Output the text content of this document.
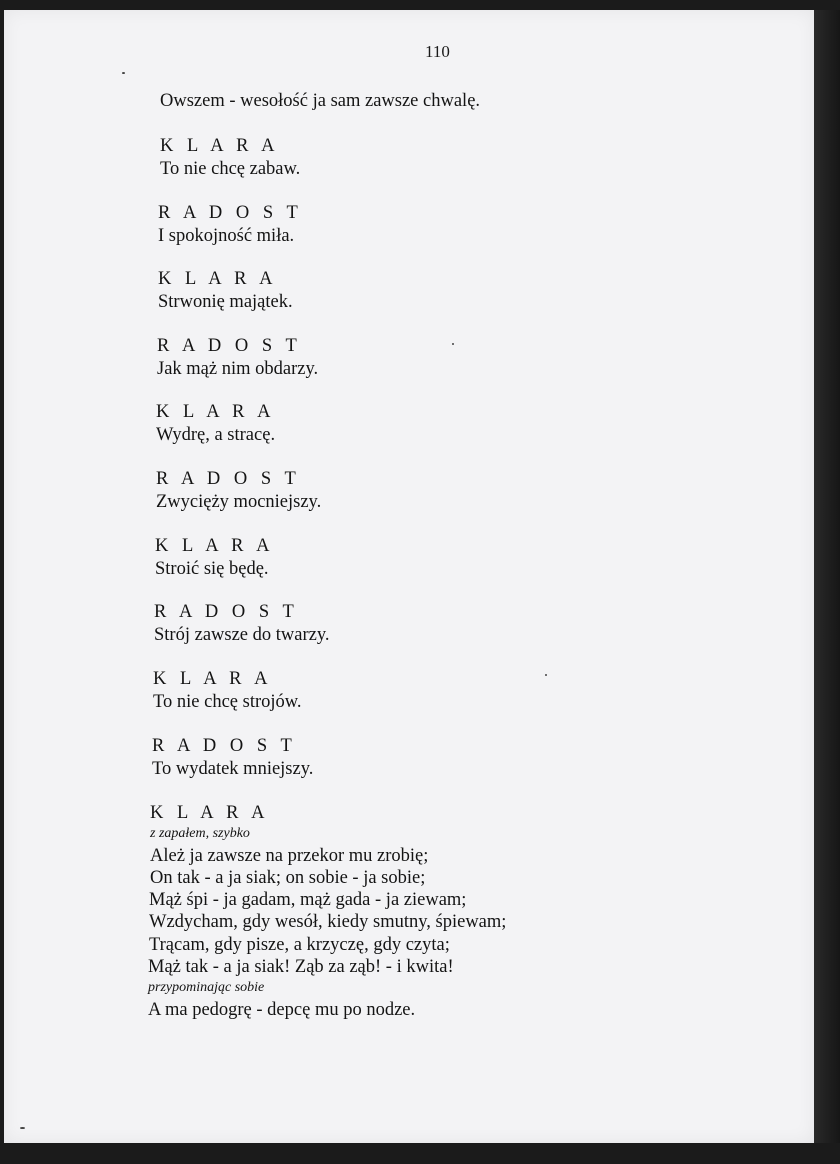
110
Owszem - wesołość ja sam zawsze chwalę.
K L A R A
To nie chcę zabaw.
R A D O S T
I spokojność miła.
K L A R A
Strwonię majątek.
R A D O S T
Jak mąż nim obdarzy.
K L A R A
Wydrę, a stracę.
R A D O S T
Zwycięży mocniejszy.
K L A R A
Stroić się będę.
R A D O S T
Strój zawsze do twarzy.
K L A R A
To nie chcę strojów.
R A D O S T
To wydatek mniejszy.
K L A R A
z zapałem, szybko
Ależ ja zawsze na przekor mu zrobię;
On tak - a ja siak; on sobie - ja sobie;
Mąż śpi - ja gadam, mąż gada - ja ziewam;
Wzdycham, gdy wesół, kiedy smutny, śpiewam;
Trącam, gdy pisze, a krzyczę, gdy czyta;
Mąż tak - a ja siak! Ząb za ząb! - i kwita!
przypominając sobie
A ma pedogrę - depcę mu po nodze.
